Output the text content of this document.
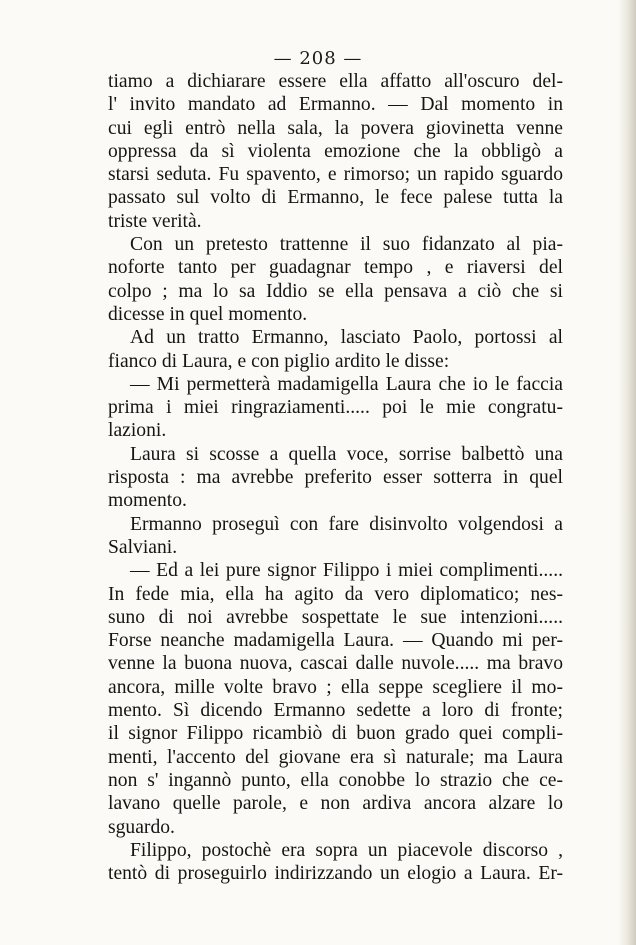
— 208 —
tiamo a dichiarare essere ella affatto all'oscuro del-
l' invito mandato ad Ermanno. — Dal momento in
cui egli entrò nella sala, la povera giovinetta venne
oppressa da sì violenta emozione che la obbligò a
starsi seduta. Fu spavento, e rimorso; un rapido sguardo
passato sul volto di Ermanno, le fece palese tutta la
triste verità.
Con un pretesto trattenne il suo fidanzato al pia-
noforte tanto per guadagnar tempo , e riaversi del
colpo ; ma lo sa Iddio se ella pensava a ciò che si
dicesse in quel momento.
Ad un tratto Ermanno, lasciato Paolo, portossi al
fianco di Laura, e con piglio ardito le disse:
— Mi permetterà madamigella Laura che io le faccia
prima i miei ringraziamenti..... poi le mie congratu-
lazioni.
Laura si scosse a quella voce, sorrise balbettò una
risposta : ma avrebbe preferito esser sotterra in quel
momento.
Ermanno proseguì con fare disinvolto volgendosi a
Salviani.
— Ed a lei pure signor Filippo i miei complimenti.....
In fede mia, ella ha agito da vero diplomatico; nes-
suno di noi avrebbe sospettate le sue intenzioni.....
Forse neanche madamigella Laura. — Quando mi per-
venne la buona nuova, cascai dalle nuvole..... ma bravo
ancora, mille volte bravo ; ella seppe scegliere il mo-
mento. Sì dicendo Ermanno sedette a loro di fronte;
il signor Filippo ricambiò di buon grado quei compli-
menti, l'accento del giovane era sì naturale; ma Laura
non s' ingannò punto, ella conobbe lo strazio che ce-
lavano quelle parole, e non ardiva ancora alzare lo
sguardo.
Filippo, postochè era sopra un piacevole discorso ,
tentò di proseguirlo indirizzando un elogio a Laura. Er-
